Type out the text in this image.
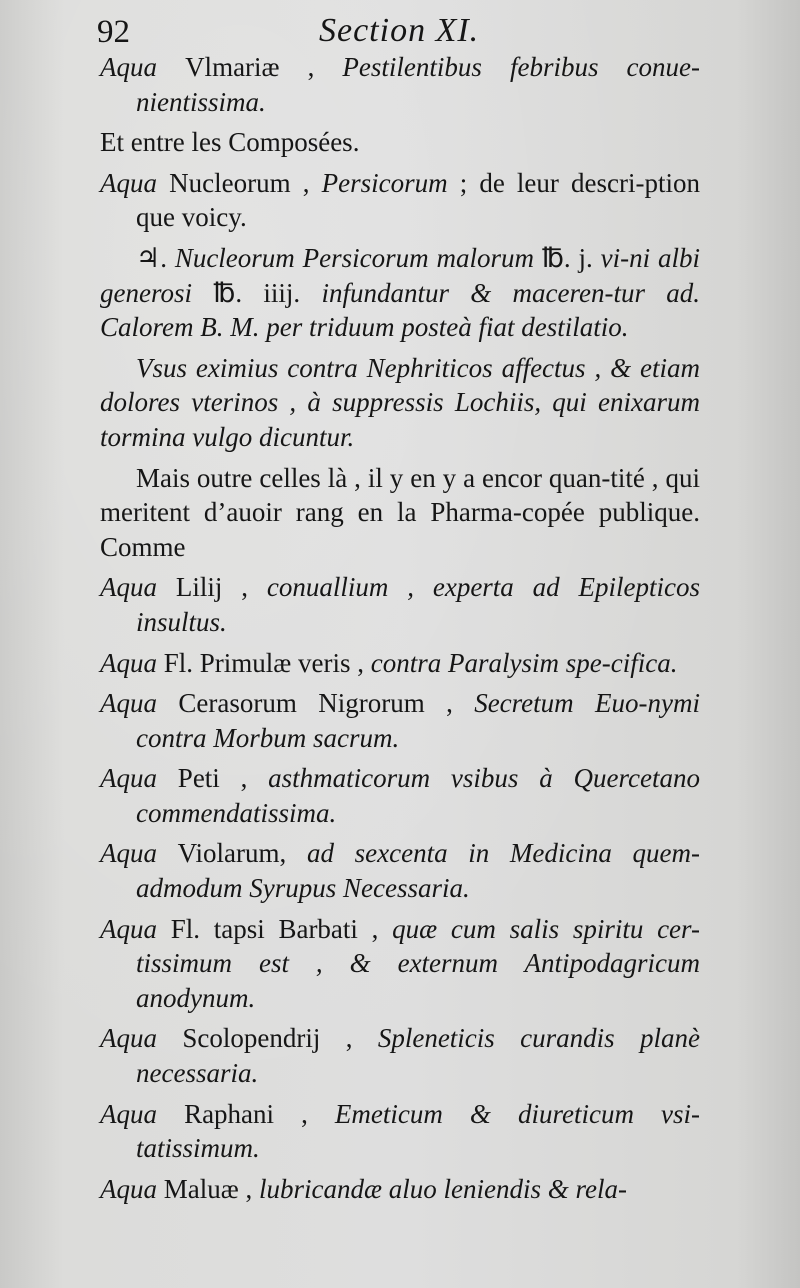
92	Section XI.

Aqua Vlmariæ , Pestilentibus febribus conue-nientissima.

Et entre les Composées.

Aqua Nucleorum , Persicorum ; de leur descri-ption que voicy.

♃. Nucleorum Persicorum malorum ℔. j. vi-ni albi generosi ℔. iiij. infundantur & maceren-tur ad. Calorem B. M. per triduum posteà fiat destilatio.

Vsus eximius contra Nephriticos affectus , & etiam dolores vterinos , à suppressis Lochiis, qui enixarum tormina vulgo dicuntur.

Mais outre celles là , il y en y a encor quan-tité , qui meritent d’auoir rang en la Pharma-copée publique. Comme

Aqua Lilij , conuallium , experta ad Epilepticos insultus.

Aqua Fl. Primulæ veris , contra Paralysim spe-cifica.

Aqua Cerasorum Nigrorum , Secretum Euo-nymi contra Morbum sacrum.

Aqua Peti , asthmaticorum vsibus à Quercetano commendatissima.

Aqua Violarum, ad sexcenta in Medicina quem-admodum Syrupus Necessaria.

Aqua Fl. tapsi Barbati , quæ cum salis spiritu cer-tissimum est , & externum Antipodagricum anodynum.

Aqua Scolopendrij , Spleneticis curandis planè necessaria.

Aqua Raphani , Emeticum & diureticum vsi-tatissimum.

Aqua Maluæ , lubricandæ aluo leniendis & rela-
